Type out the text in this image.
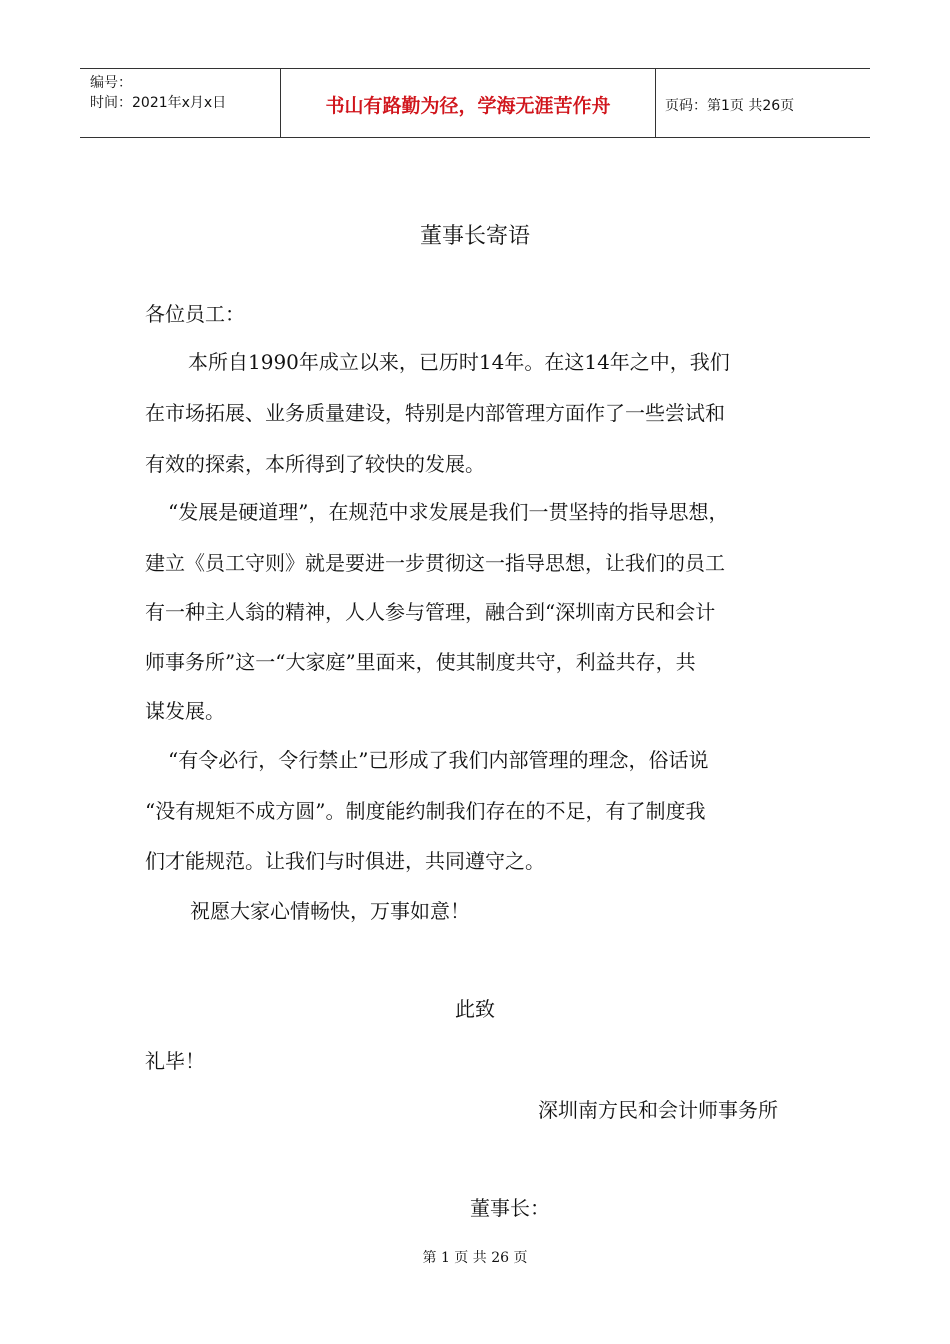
编号：
时间：2021年x月x日	书山有路勤为径，学海无涯苦作舟	页码：第1页 共26页
董事长寄语
各位员工：
本所自1990年成立以来，已历时14年。在这14年之中，我们
在市场拓展、业务质量建设，特别是内部管理方面作了一些尝试和
有效的探索，本所得到了较快的发展。
“发展是硬道理”，在规范中求发展是我们一贯坚持的指导思想，
建立《员工守则》就是要进一步贯彻这一指导思想，让我们的员工
有一种主人翁的精神，人人参与管理，融合到“深圳南方民和会计
师事务所”这一“大家庭”里面来，使其制度共守，利益共存，共
谋发展。
“有令必行，令行禁止”已形成了我们内部管理的理念，俗话说
“没有规矩不成方圆”。制度能约制我们存在的不足，有了制度我
们才能规范。让我们与时俱进，共同遵守之。
祝愿大家心情畅快，万事如意！
此致
礼毕！
深圳南方民和会计师事务所
董事长：
第 1 页 共 26 页
